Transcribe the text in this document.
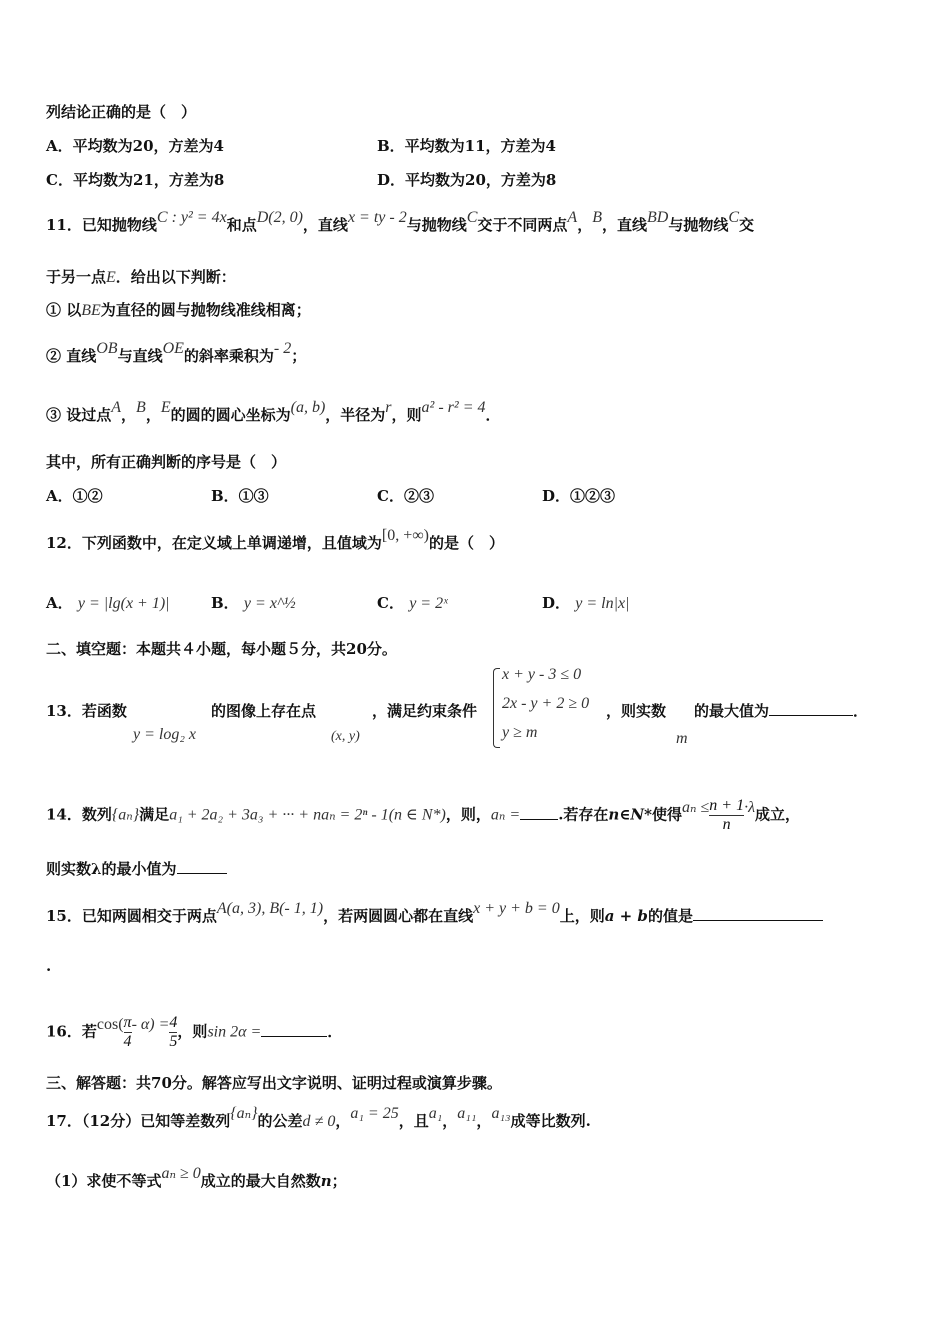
列结论正确的是（　）
A．平均数为20，方差为4	B．平均数为11，方差为4
C．平均数为21，方差为8	D．平均数为20，方差为8
11．已知抛物线C : y² = 4x和点D(2, 0)，直线x = ty - 2与抛物线C交于不同两点A，B，直线BD与抛物线C交
于另一点E．给出以下判断：
① 以BE为直径的圆与抛物线准线相离；
② 直线OB与直线OE的斜率乘积为- 2；
③ 设过点A，B，E的圆的圆心坐标为(a, b)，半径为r，则a² - r² = 4．
其中，所有正确判断的序号是（　）
A．①②	B．①③	C．②③	D．①②③
12．下列函数中，在定义域上单调递增，且值域为[0, +∞)的是（　）
A． y = |lg(x + 1)|	B． y = x^½	C． y = 2ˣ	D． y = ln|x|
二、填空题：本题共４小题，每小题５分，共20分。
13．若函数
y = log₂ x
的图像上存在点
(x, y)
，满足约束条件
x + y - 3 ≤ 0
2x - y + 2 ≥ 0
y ≥ m
，则实数
m
的最大值为	．
14．数列{aₙ}满足a₁ + 2a₂ + 3a₃ + ··· + naₙ = 2ⁿ - 1(n ∈ N*)，则，aₙ =	.若存在n∈N*使得$a_n \le \frac{n + 1}{n} \cdot\lambda$成立，
则实数λ的最小值为
15．已知两圆相交于两点A(a, 3), B(- 1, 1)，若两圆圆心都在直线x + y + b = 0上，则a + b的值是
.
16．若$\cos( \frac{\pi}{4} - \alpha) = \frac{4}{5}$ ，则sin 2α =	．
三、解答题：共70分。解答应写出文字说明、证明过程或演算步骤。
17．（12分）已知等差数列{aₙ}的公差d ≠ 0，a₁ = 25，且a₁，a₁₁，a₁₃成等比数列.
（1）求使不等式aₙ ≥ 0成立的最大自然数n；
